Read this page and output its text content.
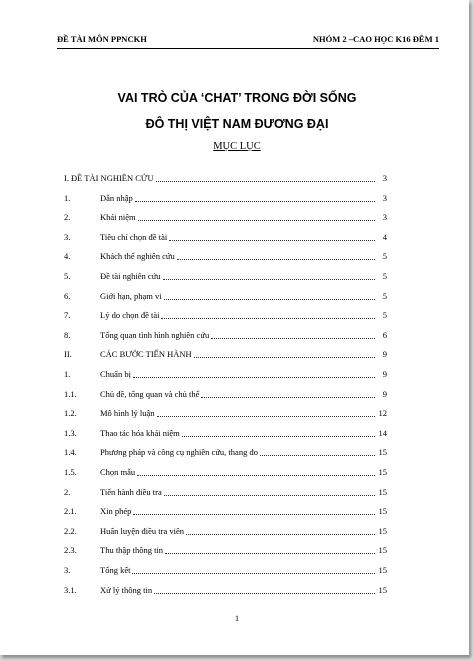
ĐỀ TÀI MÔN PPNCKH	NHÓM 2 –CAO HỌC K16 ĐÊM 1
VAI TRÒ CỦA ‘CHAT’ TRONG ĐỜI SỐNG
ĐÔ THỊ VIỆT NAM ĐƯƠNG ĐẠI
MỤC LỤC
I. ĐỀ TÀI NGHIÊN CỨU	3
1.	Dẫn nhập	3
2.	Khái niệm	3
3.	Tiêu chí chọn đề tài	4
4.	Khách thể nghiên cứu	5
5.	Đề tài nghiên cứu	5
6.	Giới hạn, phạm vi	5
7.	Lý do chọn đề tài	5
8.	Tổng quan tình hình nghiên cứu	6
II.	CÁC BƯỚC TIẾN HÀNH	9
1.	Chuẩn bị	9
1.1.	Chủ đề, tổng quan và chủ thể	9
1.2.	Mô hình lý luận	12
1.3.	Thao tác hóa khái niệm	14
1.4.	Phương pháp và công cụ nghiên cứu, thang đo	15
1.5.	Chọn mẫu	15
2.	Tiến hành điều tra	15
2.1.	Xin phép	15
2.2.	Huấn luyện điều tra viên	15
2.3.	Thu thập thông tin	15
3.	Tổng kết	15
3.1.	Xử lý thông tin	15
1
